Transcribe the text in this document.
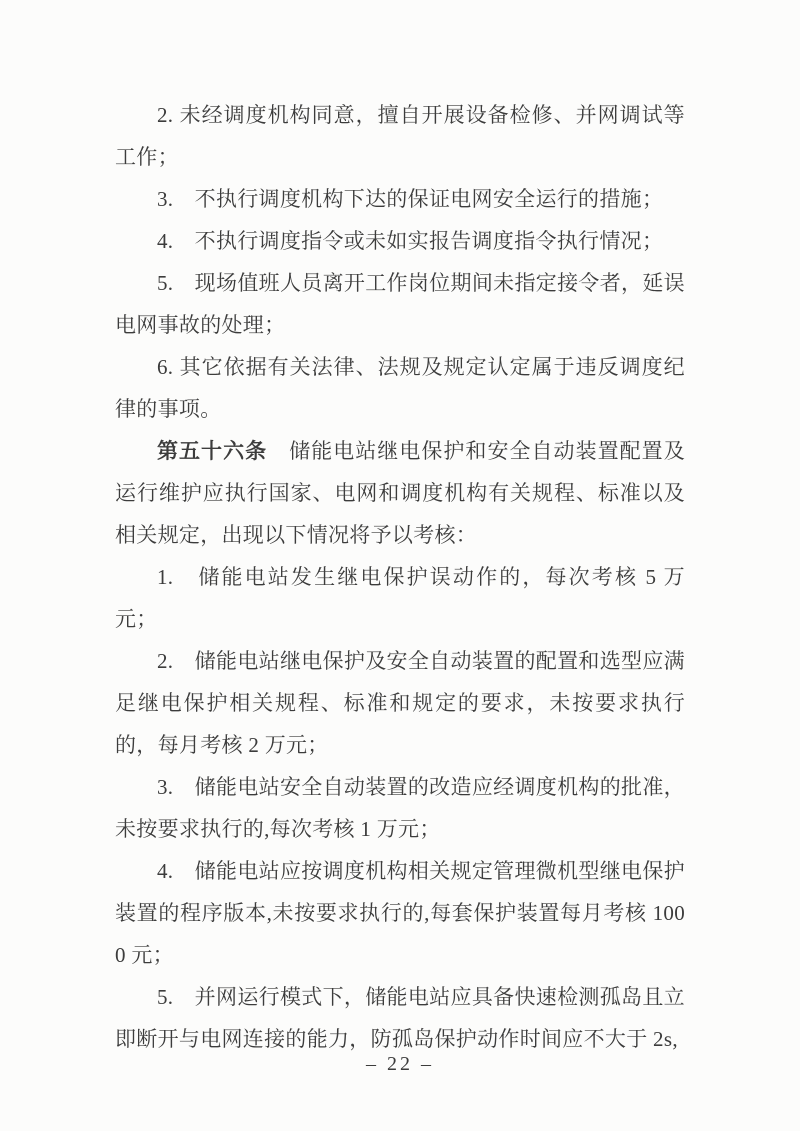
2. 未经调度机构同意，擅自开展设备检修、并网调试等工作；

3.　不执行调度机构下达的保证电网安全运行的措施；

4.　不执行调度指令或未如实报告调度指令执行情况；

5.　现场值班人员离开工作岗位期间未指定接令者，延误电网事故的处理；

6. 其它依据有关法律、法规及规定认定属于违反调度纪律的事项。

第五十六条　储能电站继电保护和安全自动装置配置及运行维护应执行国家、电网和调度机构有关规程、标准以及相关规定，出现以下情况将予以考核：

1.　储能电站发生继电保护误动作的，每次考核 5 万元；

2.　储能电站继电保护及安全自动装置的配置和选型应满足继电保护相关规程、标准和规定的要求，未按要求执行的，每月考核 2 万元；

3.　储能电站安全自动装置的改造应经调度机构的批准，未按要求执行的,每次考核 1 万元；

4.　储能电站应按调度机构相关规定管理微机型继电保护装置的程序版本,未按要求执行的,每套保护装置每月考核 1000 元；

5.　并网运行模式下，储能电站应具备快速检测孤岛且立即断开与电网连接的能力，防孤岛保护动作时间应不大于 2s,

– 22 –
